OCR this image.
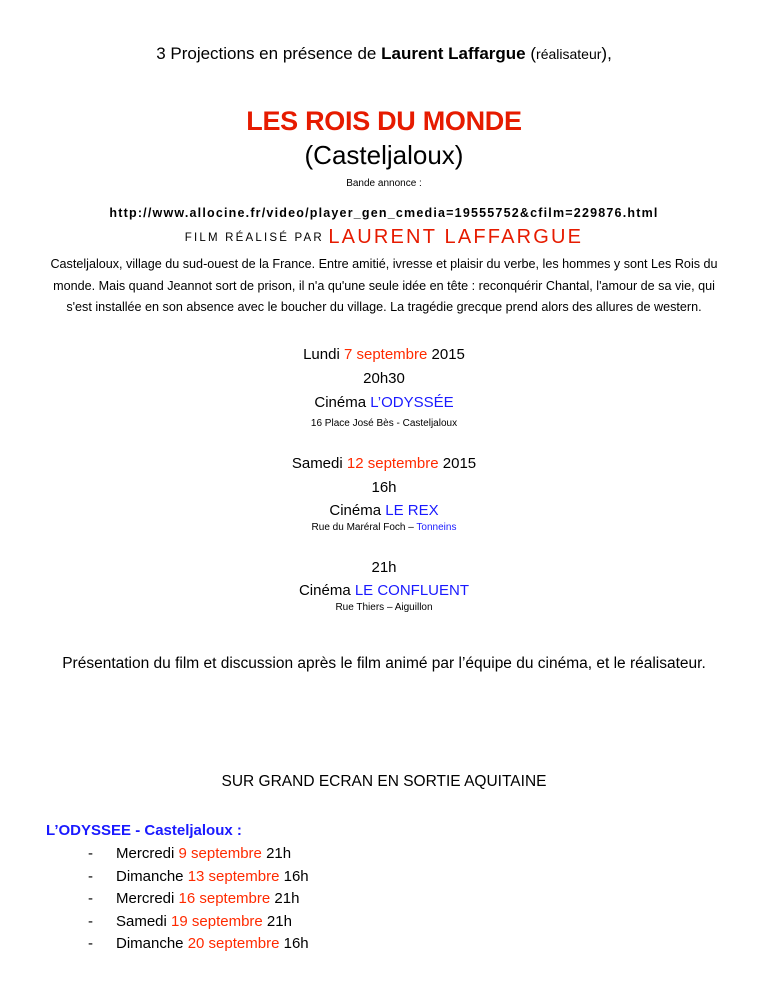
3 Projections en présence de Laurent Laffargue (réalisateur),
LES ROIS DU MONDE
(Casteljaloux)
Bande annonce :
http://www.allocine.fr/video/player_gen_cmedia=19555752&cfilm=229876.html
FILM RÉALISÉ PAR LAURENT LAFFARGUE
Casteljaloux, village du sud-ouest de la France. Entre amitié, ivresse et plaisir du verbe, les hommes y sont Les Rois du monde. Mais quand Jeannot sort de prison, il n'a qu'une seule idée en tête : reconquérir Chantal, l'amour de sa vie, qui s'est installée en son absence avec le boucher du village. La tragédie grecque prend alors des allures de western.
Lundi 7 septembre 2015
20h30
Cinéma L’ODYSSÉE
16 Place José Bès - Casteljaloux
Samedi 12 septembre 2015
16h
Cinéma LE REX
Rue du Maréral Foch – Tonneins
21h
Cinéma LE CONFLUENT
Rue Thiers – Aiguillon
Présentation du film et discussion après le film animé par l’équipe du cinéma, et le réalisateur.
SUR GRAND ECRAN EN SORTIE AQUITAINE
L’ODYSSEE - Casteljaloux :
- Mercredi 9 septembre 21h
- Dimanche 13 septembre 16h
- Mercredi 16 septembre 21h
- Samedi 19 septembre 21h
- Dimanche 20 septembre 16h
